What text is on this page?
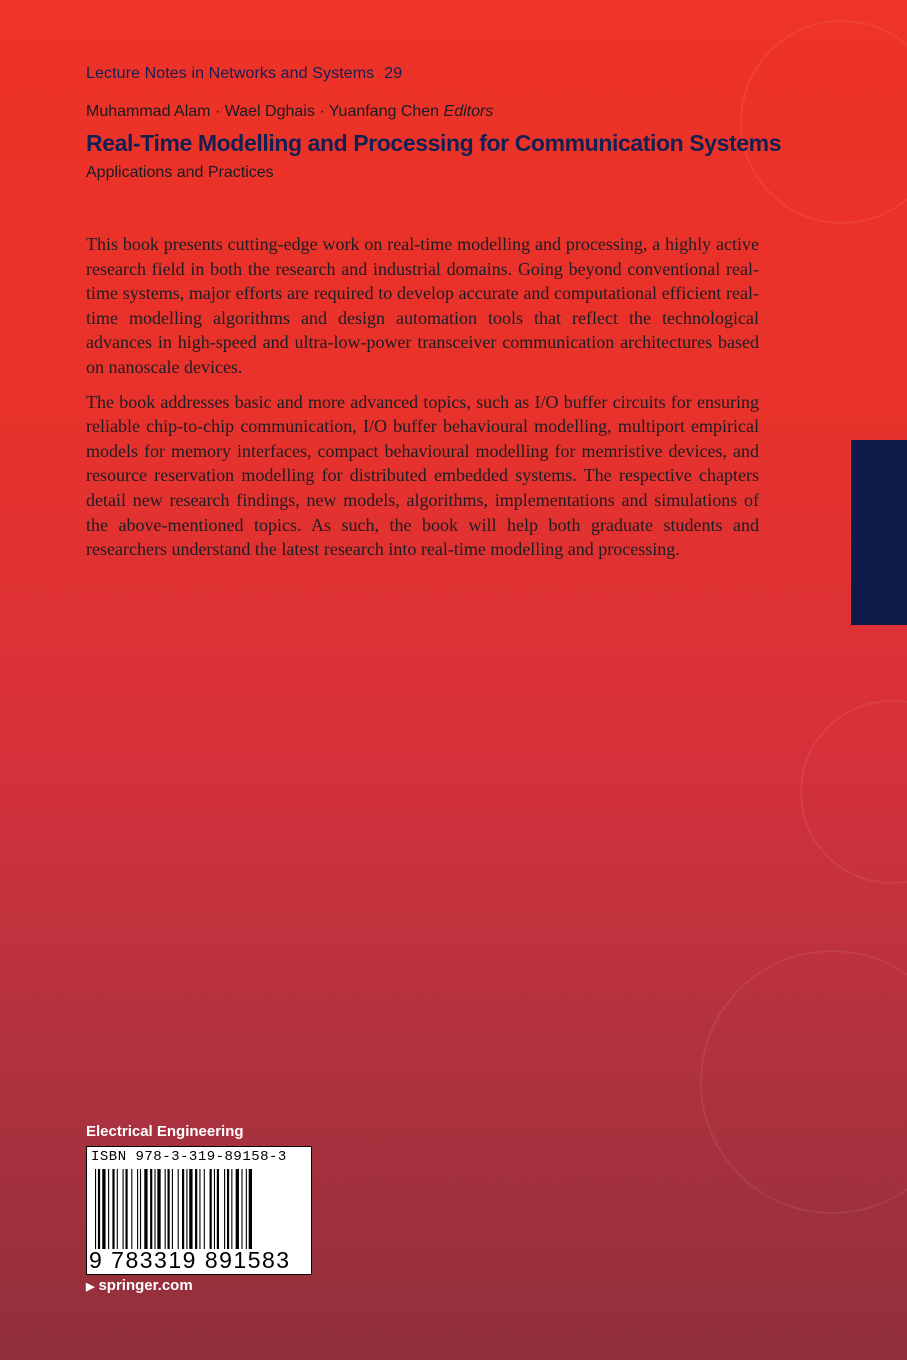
Lecture Notes in Networks and Systems 29
Muhammad Alam · Wael Dghais · Yuanfang Chen Editors
Real-Time Modelling and Processing for Communication Systems
Applications and Practices

This book presents cutting-edge work on real-time modelling and processing, a highly active research field in both the research and industrial domains. Going beyond conventional real-time systems, major efforts are required to develop accurate and computational efficient real-time modelling algorithms and design automation tools that reflect the technological advances in high-speed and ultra-low-power transceiver communication architectures based on nanoscale devices.

The book addresses basic and more advanced topics, such as I/O buffer circuits for ensuring reliable chip-to-chip communication, I/O buffer behavioural modelling, multiport empirical models for memory interfaces, compact behavioural modelling for memristive devices, and resource reservation modelling for distributed embedded systems. The respective chapters detail new research findings, new models, algorithms, implementations and simulations of the above-mentioned topics. As such, the book will help both graduate students and researchers understand the latest research into real-time modelling and processing.

Electrical Engineering
ISBN 978-3-319-89158-3
9 783319 891583
▶ springer.com
